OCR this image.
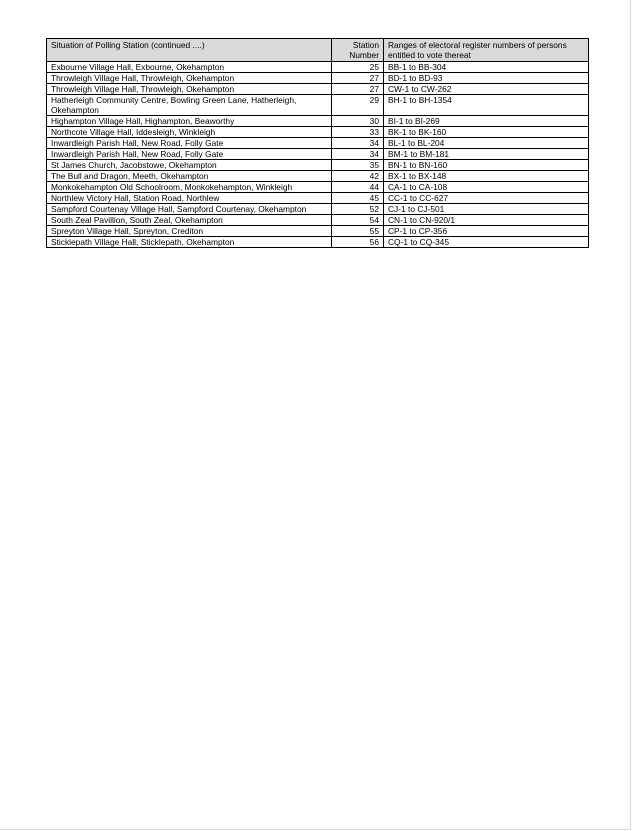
Situation of Polling Station (continued ....)	Station Number	Ranges of electoral register numbers of persons entitled to vote thereat
Exbourne Village Hall, Exbourne, Okehampton	25	BB-1 to BB-304
Throwleigh Village Hall, Throwleigh, Okehampton	27	BD-1 to BD-93
Throwleigh Village Hall, Throwleigh, Okehampton	27	CW-1 to CW-262
Hatherleigh Community Centre, Bowling Green Lane, Hatherleigh, Okehampton	29	BH-1 to BH-1354
Highampton Village Hall, Highampton, Beaworthy	30	BI-1 to BI-269
Northcote Village Hall, Iddesleigh, Winkleigh	33	BK-1 to BK-160
Inwardleigh Parish Hall, New Road, Folly Gate	34	BL-1 to BL-204
Inwardleigh Parish Hall, New Road, Folly Gate	34	BM-1 to BM-181
St James Church, Jacobstowe, Okehampton	35	BN-1 to BN-160
The Bull and Dragon, Meeth, Okehampton	42	BX-1 to BX-148
Monkokehampton Old Schoolroom, Monkokehampton, Winkleigh	44	CA-1 to CA-108
Northlew Victory Hall, Station Road, Northlew	45	CC-1 to CC-627
Sampford Courtenay Village Hall, Sampford Courtenay, Okehampton	52	CJ-1 to CJ-501
South Zeal Pavillion, South Zeal, Okehampton	54	CN-1 to CN-920/1
Spreyton Village Hall, Spreyton, Crediton	55	CP-1 to CP-356
Sticklepath Village Hall, Sticklepath, Okehampton	56	CQ-1 to CQ-345
